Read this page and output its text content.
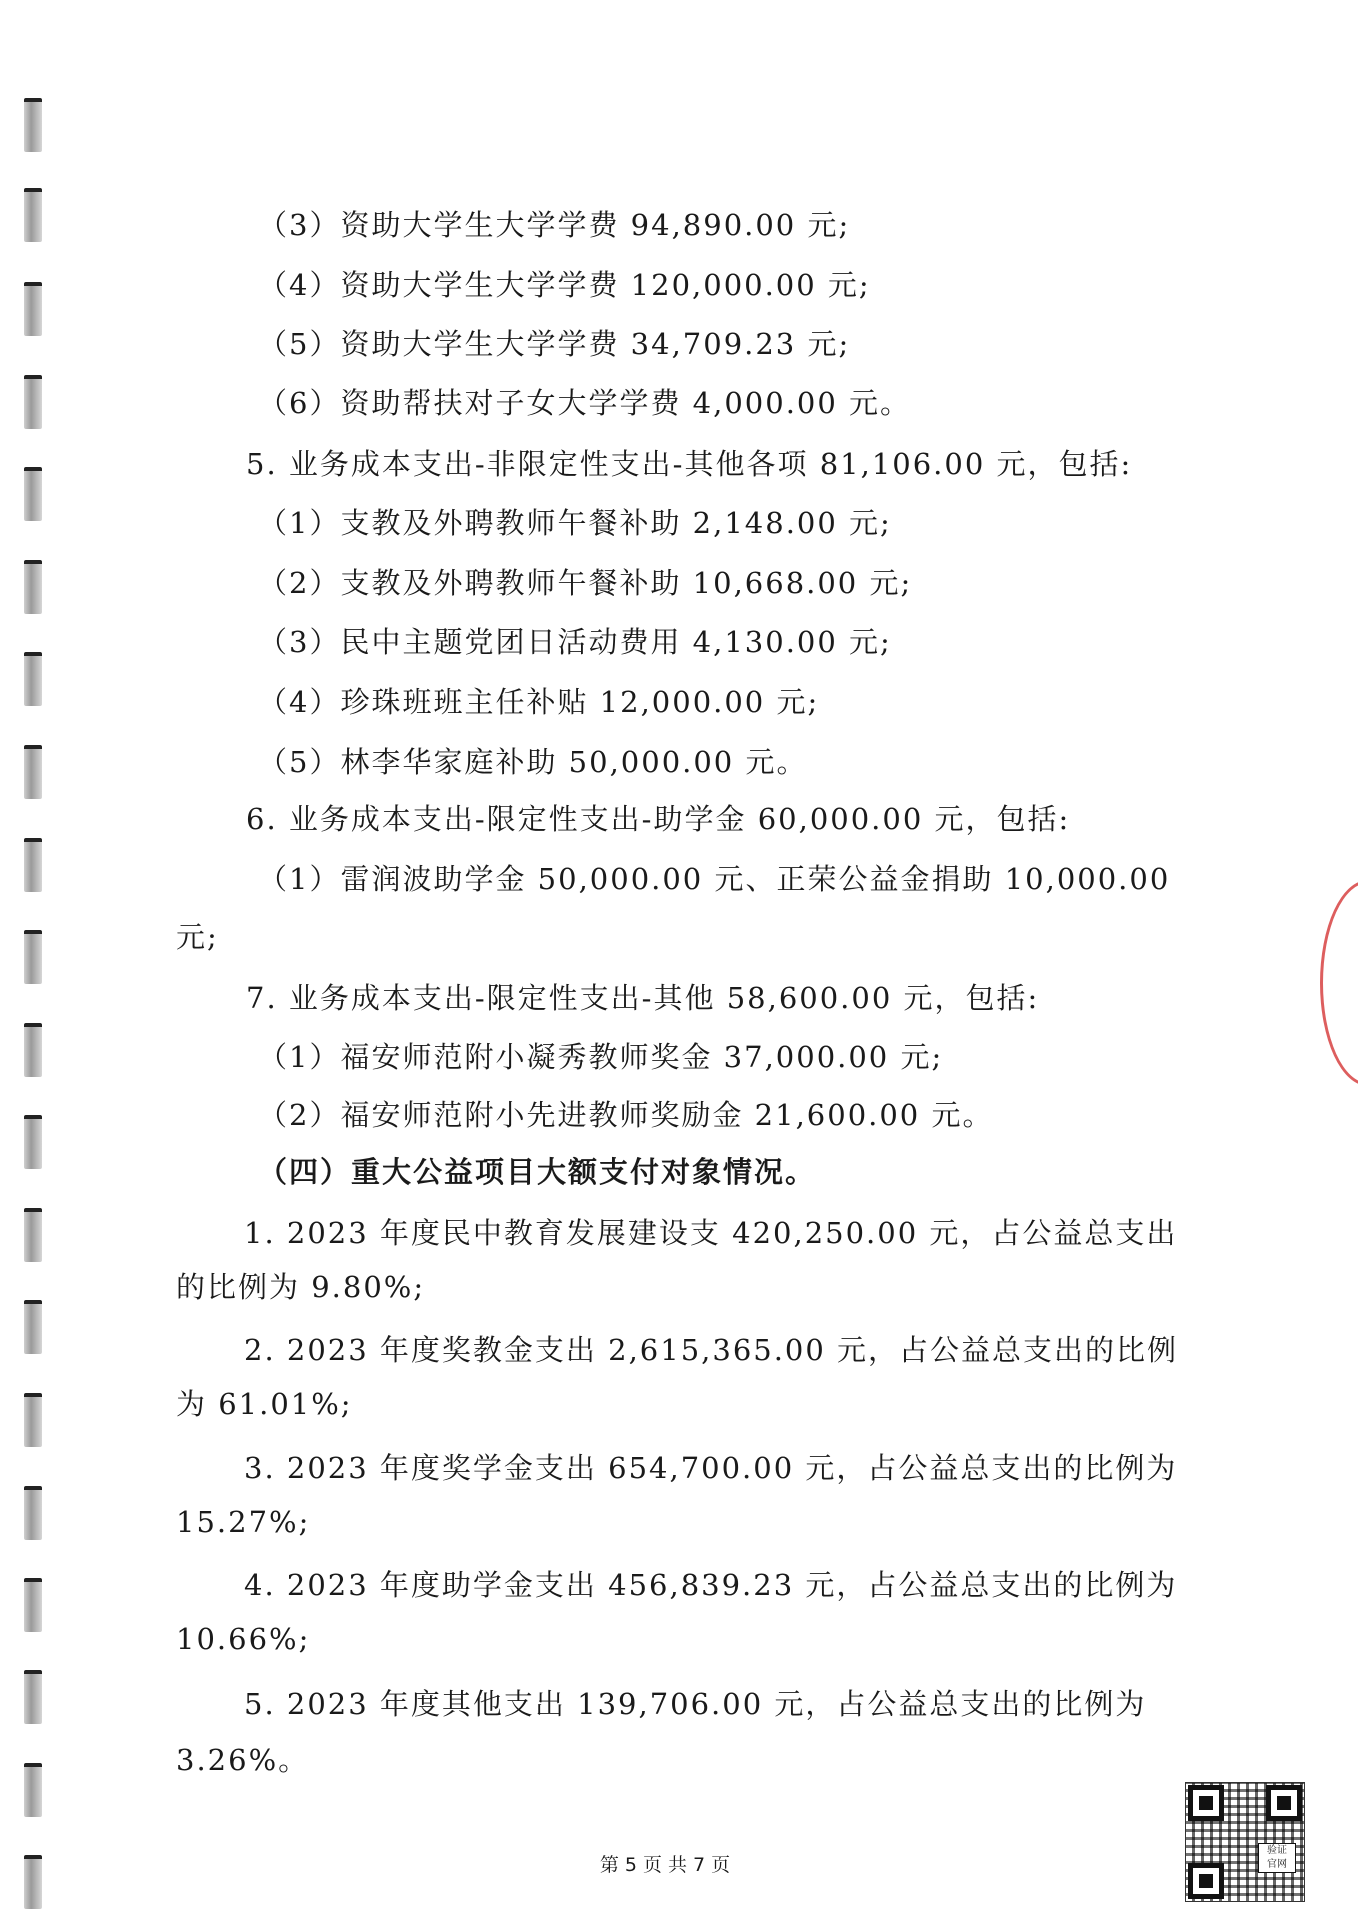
（3）资助大学生大学学费 94,890.00 元;
（4）资助大学生大学学费 120,000.00 元;
（5）资助大学生大学学费 34,709.23 元;
（6）资助帮扶对子女大学学费 4,000.00 元。
5. 业务成本支出-非限定性支出-其他各项 81,106.00 元，包括:
（1）支教及外聘教师午餐补助 2,148.00 元;
（2）支教及外聘教师午餐补助 10,668.00 元;
（3）民中主题党团日活动费用 4,130.00 元;
（4）珍珠班班主任补贴 12,000.00 元;
（5）林李华家庭补助 50,000.00 元。
6. 业务成本支出-限定性支出-助学金 60,000.00 元，包括:
（1）雷润波助学金 50,000.00 元、正荣公益金捐助 10,000.00
元;
7. 业务成本支出-限定性支出-其他 58,600.00 元，包括:
（1）福安师范附小凝秀教师奖金 37,000.00 元;
（2）福安师范附小先进教师奖励金 21,600.00 元。
（四）重大公益项目大额支付对象情况。
1. 2023 年度民中教育发展建设支 420,250.00 元，占公益总支出
的比例为 9.80%;
2. 2023 年度奖教金支出 2,615,365.00 元，占公益总支出的比例
为 61.01%;
3. 2023 年度奖学金支出 654,700.00 元，占公益总支出的比例为
15.27%;
4. 2023 年度助学金支出 456,839.23 元，占公益总支出的比例为
10.66%;
5. 2023 年度其他支出 139,706.00 元，占公益总支出的比例为
3.26%。
第 5 页 共 7 页
验证
官网
